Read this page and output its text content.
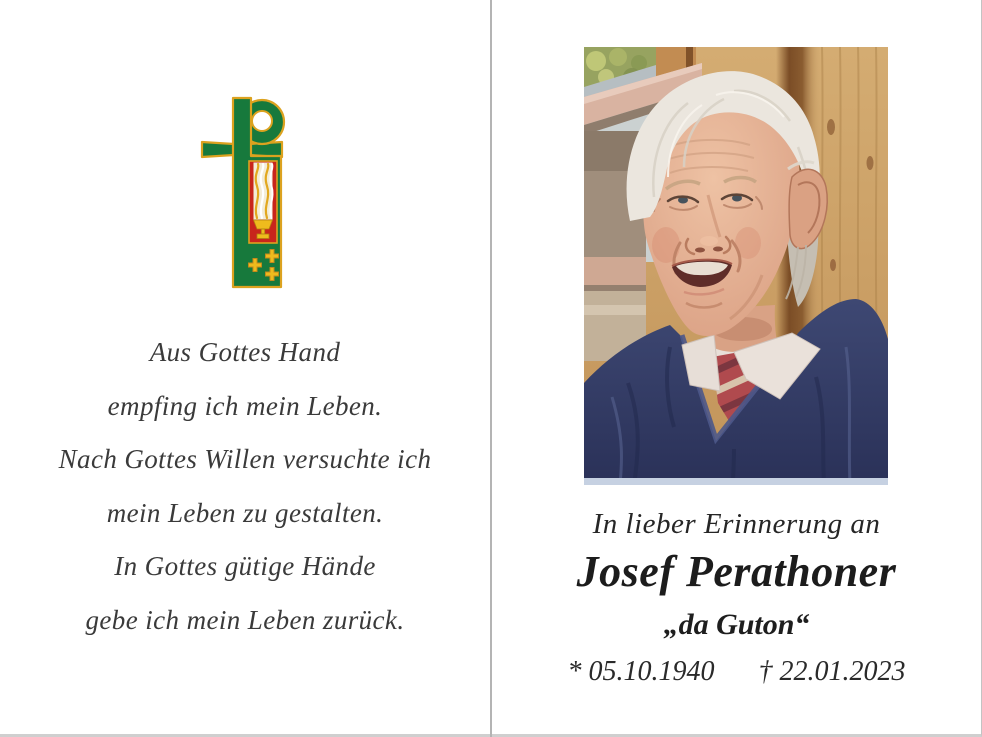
Aus Gottes Hand
empfing ich mein Leben.
Nach Gottes Willen versuchte ich
mein Leben zu gestalten.
In Gottes gütige Hände
gebe ich mein Leben zurück.
In lieber Erinnerung an
Josef Perathoner
„da Guton“
* 05.10.1940 † 22.01.2023
